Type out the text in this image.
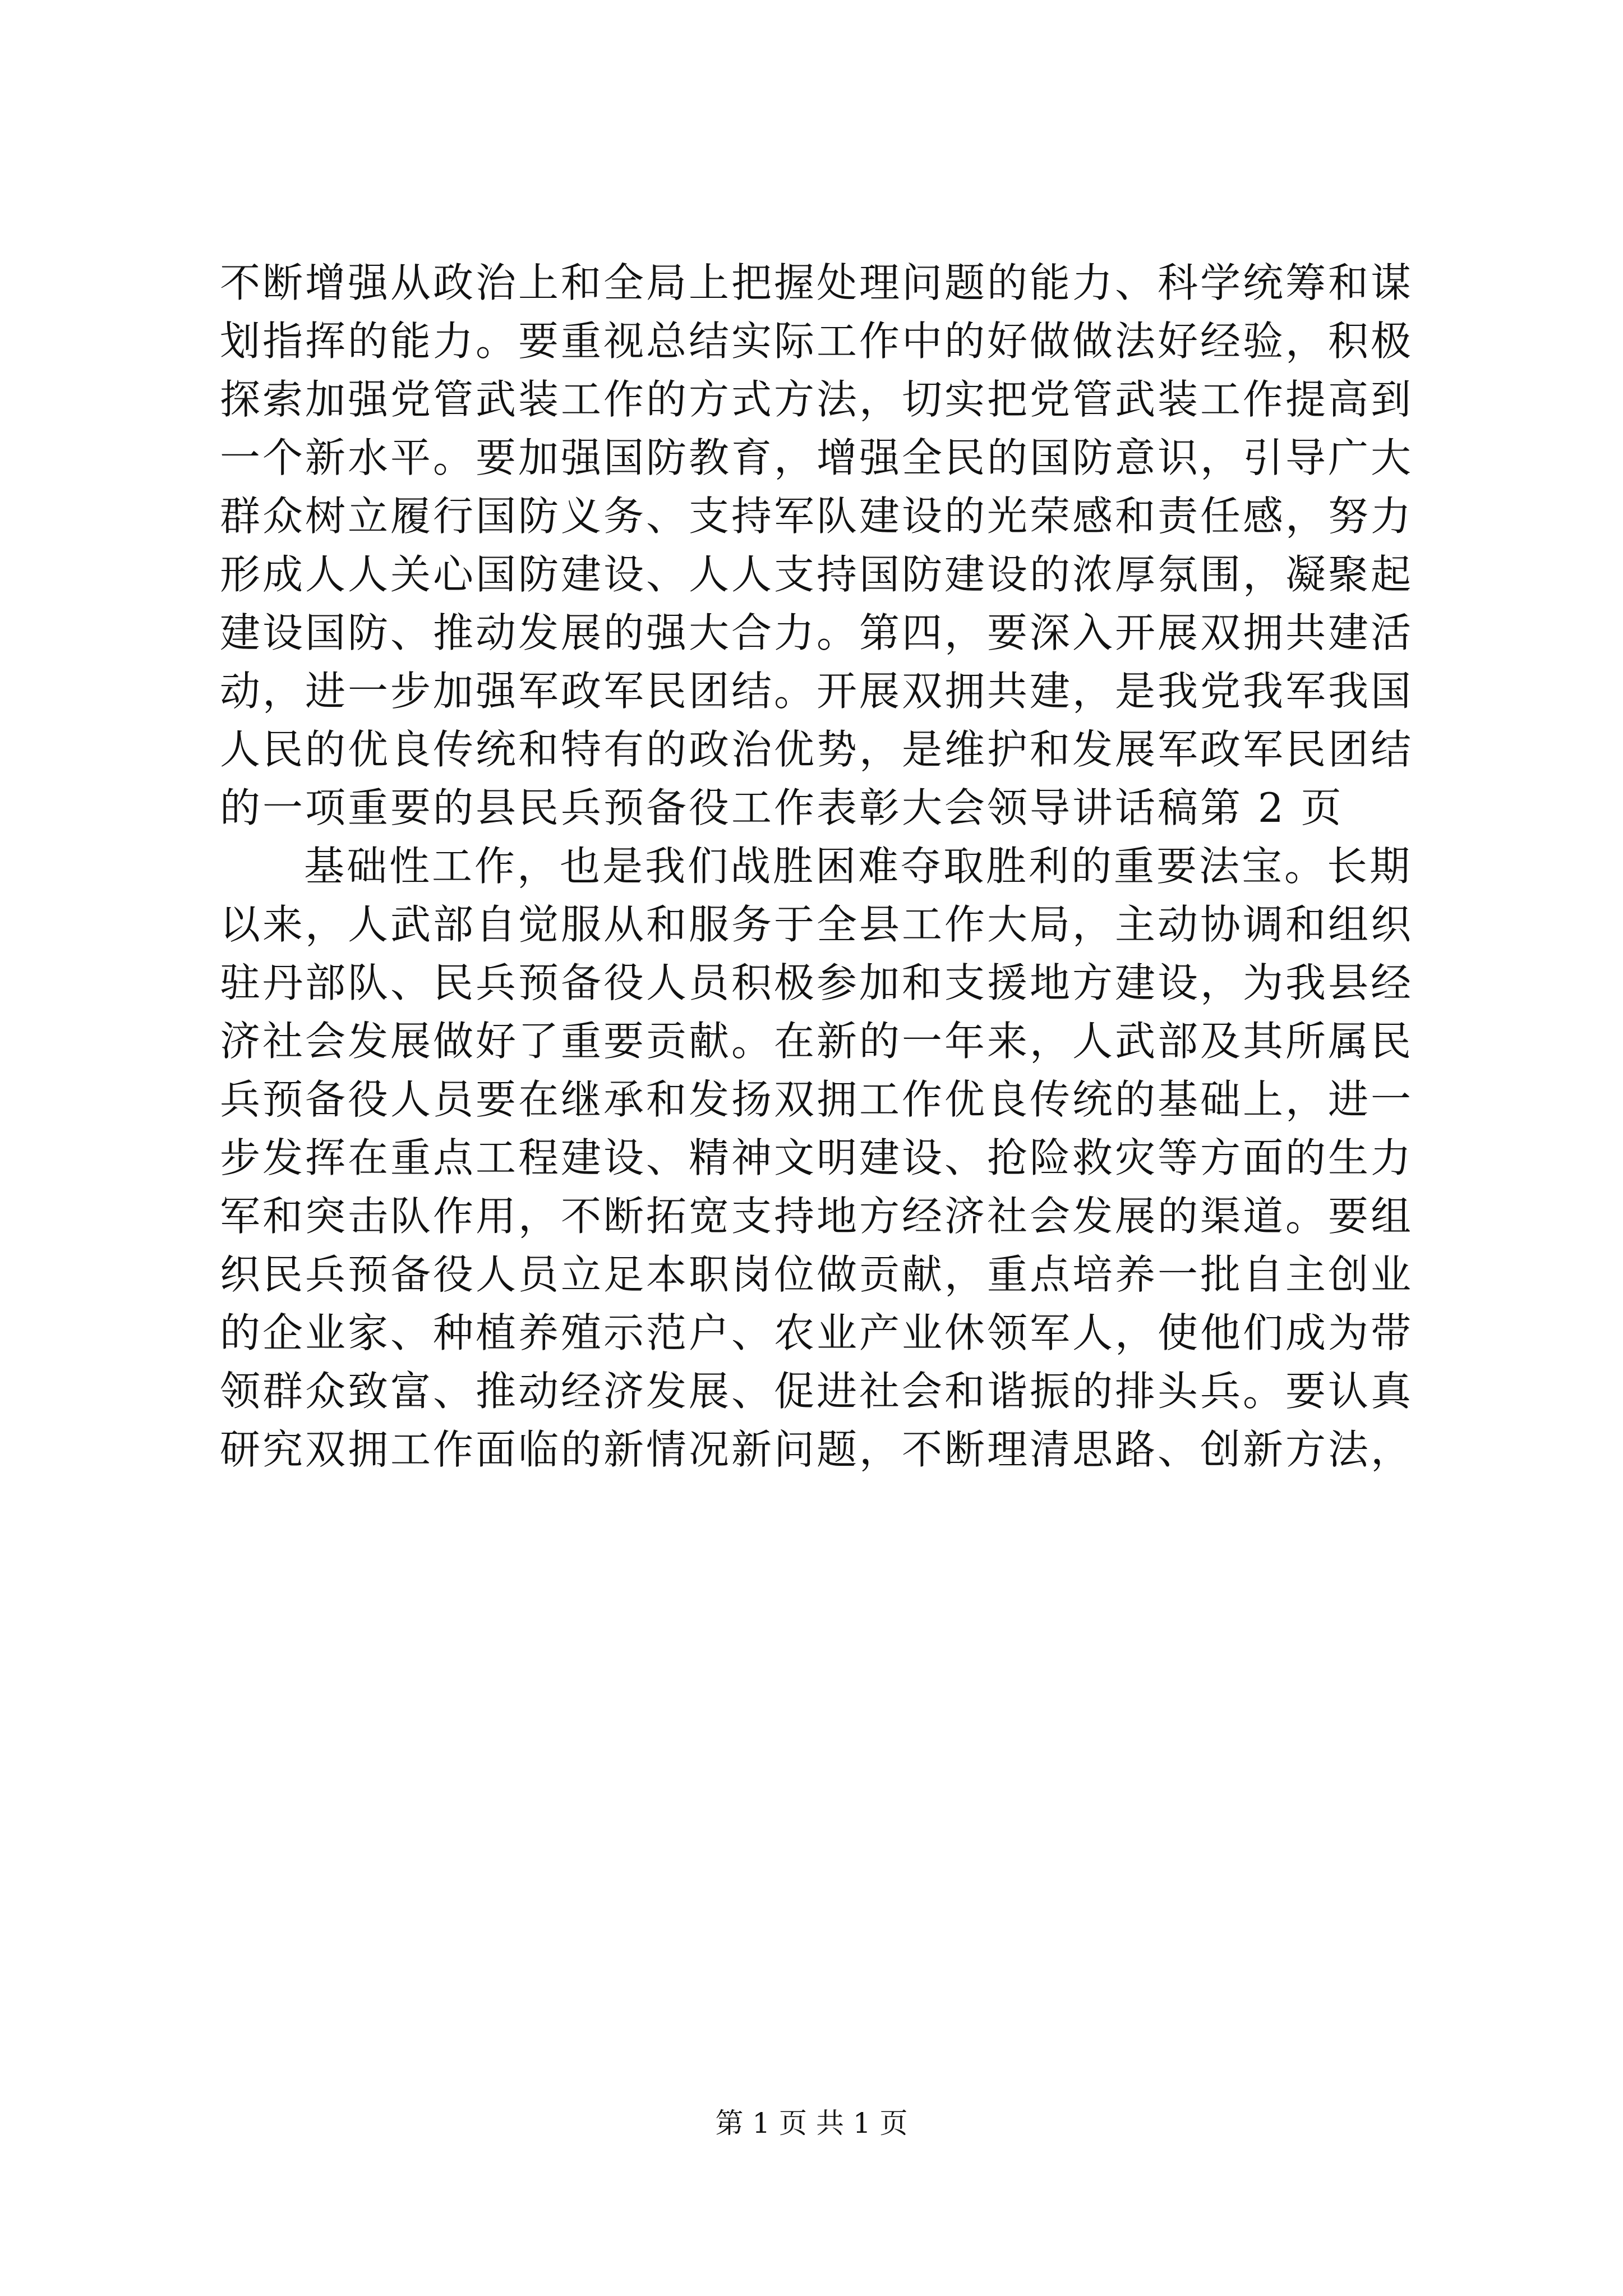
不断增强从政治上和全局上把握处理问题的能力、科学统筹和谋
划指挥的能力。要重视总结实际工作中的好做做法好经验，积极
探索加强党管武装工作的方式方法，切实把党管武装工作提高到
一个新水平。要加强国防教育，增强全民的国防意识，引导广大
群众树立履行国防义务、支持军队建设的光荣感和责任感，努力
形成人人关心国防建设、人人支持国防建设的浓厚氛围，凝聚起
建设国防、推动发展的强大合力。第四，要深入开展双拥共建活
动，进一步加强军政军民团结。开展双拥共建，是我党我军我国
人民的优良传统和特有的政治优势，是维护和发展军政军民团结
的一项重要的县民兵预备役工作表彰大会领导讲话稿第 2 页
基础性工作，也是我们战胜困难夺取胜利的重要法宝。长期
以来，人武部自觉服从和服务于全县工作大局，主动协调和组织
驻丹部队、民兵预备役人员积极参加和支援地方建设，为我县经
济社会发展做好了重要贡献。在新的一年来，人武部及其所属民
兵预备役人员要在继承和发扬双拥工作优良传统的基础上，进一
步发挥在重点工程建设、精神文明建设、抢险救灾等方面的生力
军和突击队作用，不断拓宽支持地方经济社会发展的渠道。要组
织民兵预备役人员立足本职岗位做贡献，重点培养一批自主创业
的企业家、种植养殖示范户、农业产业休领军人，使他们成为带
领群众致富、推动经济发展、促进社会和谐振的排头兵。要认真
研究双拥工作面临的新情况新问题，不断理清思路、创新方法，
第 1 页 共 1 页
